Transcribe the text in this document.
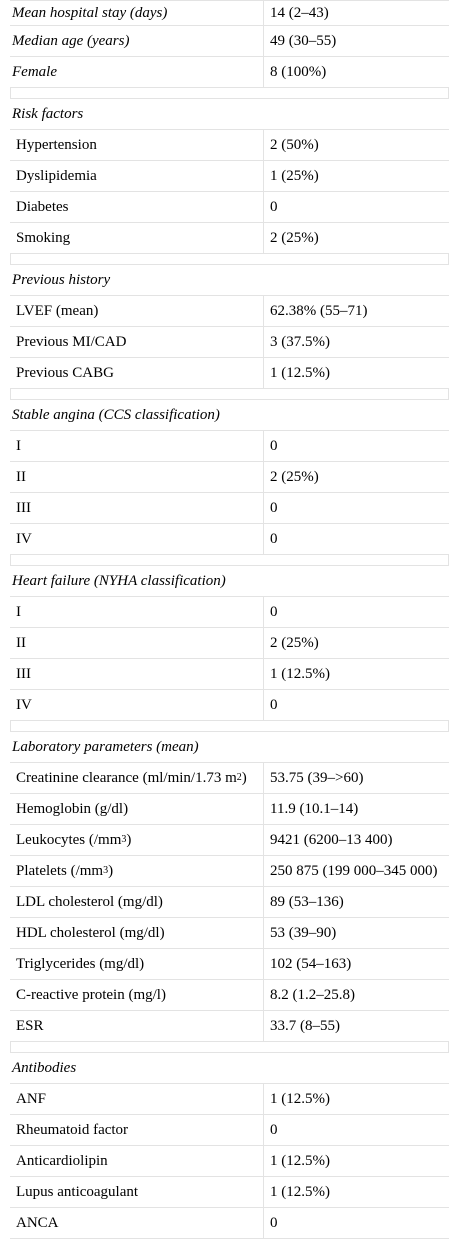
Mean hospital stay (days)	14 (2–43)
Median age (years)	49 (30–55)
Female	8 (100%)
Risk factors
Hypertension	2 (50%)
Dyslipidemia	1 (25%)
Diabetes	0
Smoking	2 (25%)
Previous history
LVEF (mean)	62.38% (55–71)
Previous MI/CAD	3 (37.5%)
Previous CABG	1 (12.5%)
Stable angina (CCS classification)
I	0
II	2 (25%)
III	0
IV	0
Heart failure (NYHA classification)
I	0
II	2 (25%)
III	1 (12.5%)
IV	0
Laboratory parameters (mean)
Creatinine clearance (ml/min/1.73 m 2 )	53.75 (39–>60)
Hemoglobin (g/dl)	11.9 (10.1–14)
Leukocytes (/mm 3 )	9421 (6200–13 400)
Platelets (/mm 3 )	250 875 (199 000–345 000)
LDL cholesterol (mg/dl)	89 (53–136)
HDL cholesterol (mg/dl)	53 (39–90)
Triglycerides (mg/dl)	102 (54–163)
C-reactive protein (mg/l)	8.2 (1.2–25.8)
ESR	33.7 (8–55)
Antibodies
ANF	1 (12.5%)
Rheumatoid factor	0
Anticardiolipin	1 (12.5%)
Lupus anticoagulant	1 (12.5%)
ANCA	0
